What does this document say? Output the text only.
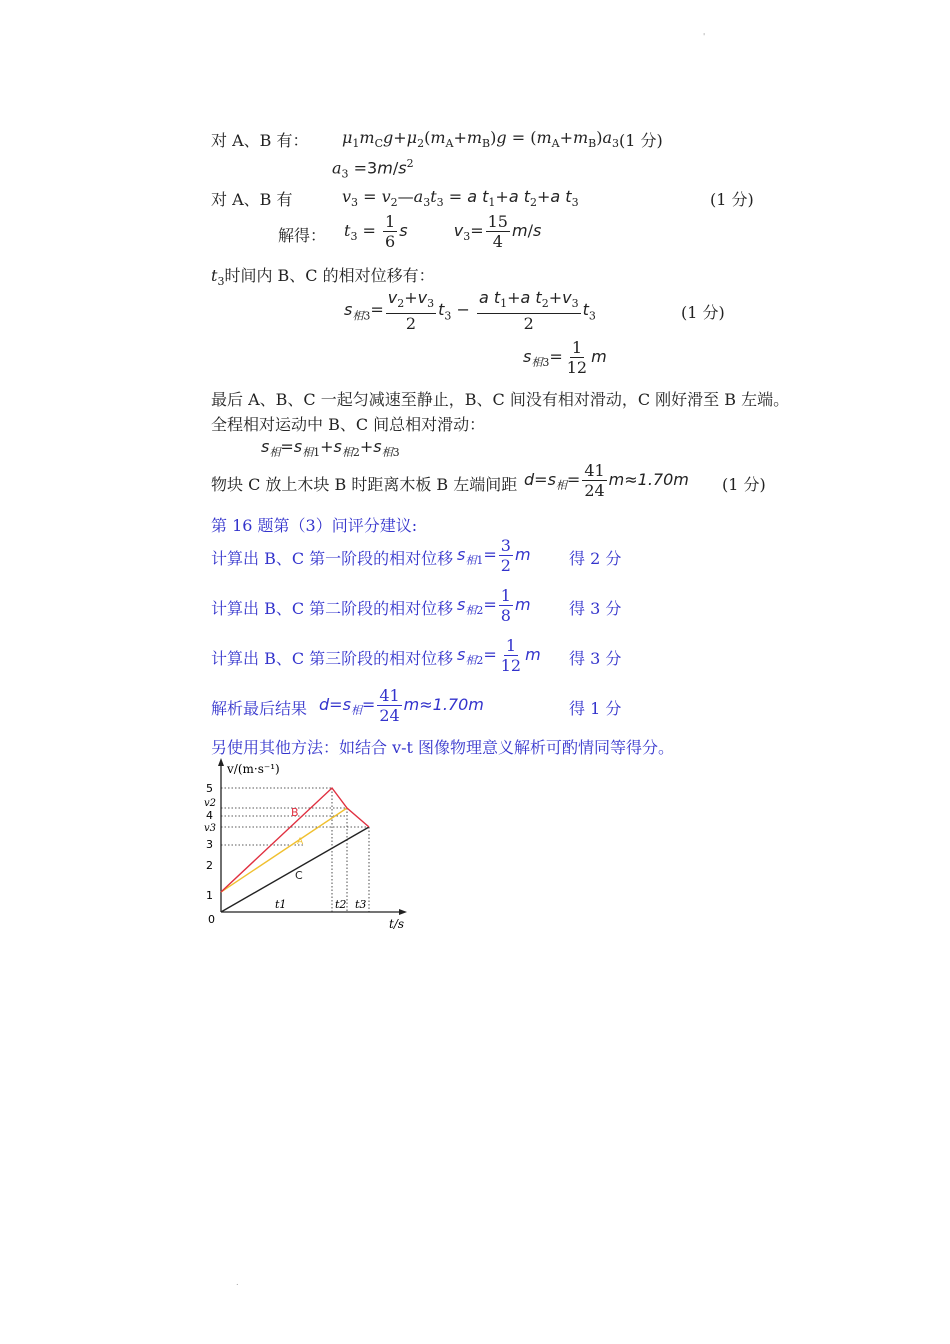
'
.
对 A、B 有： $\mu_1m_Cg+\mu_2(m_A+m_B)g = (m_A+m_B)a_3$ (1 分)
$a_3 =3m/s^2$
对 A、B 有	$v_3$ = $v_2—a_3t_3 = a$ $t_1+a$ $t_2+a$ $t_3$	(1 分)
解得： $t_3 = \frac{1}{6}$ s	$v_3= \frac{15}{4} m/s$
$t_3$时间内 B、C 的相对位移有：
$s_{相3}= \frac{v_2+v_3}{2} t_3 - \frac{a t_1+a t_2+v_3}{2} t_3$	(1 分)
$s_{相3}= \frac{1}{12}$ m
最后 A、B、C 一起匀减速至静止，B、C 间没有相对滑动，C 刚好滑至 B 左端。
全程相对运动中 B、C 间总相对滑动：
$s_相=s_{相1}+s_{相2}+s_{相3}$
物块 C 放上木块 B 时距离木板 B 左端间距 $d=s_相= \frac{41}{24} m\approx 1.70m$ (1 分)
第 16 题第（3）问评分建议:
计算出 B、C 第一阶段的相对位移 $s_{相1}= \frac{3}{2}$ m 得 2 分
计算出 B、C 第二阶段的相对位移 $s_{相2}= \frac{1}{8}$ m 得 3 分
计算出 B、C 第三阶段的相对位移 $s_{相2}= \frac{1}{12}$ m 得 3 分
解析最后结果 $d=s_相= \frac{41}{24} m\approx 1.70m$	得 1 分
另使用其他方法：如结合 v-t 图像物理意义解析可酌情同等得分。
v/(m·s⁻¹)
t/s
5
v2
4
v3
3
2
1
0
B
A
C
t1	t2 t3
